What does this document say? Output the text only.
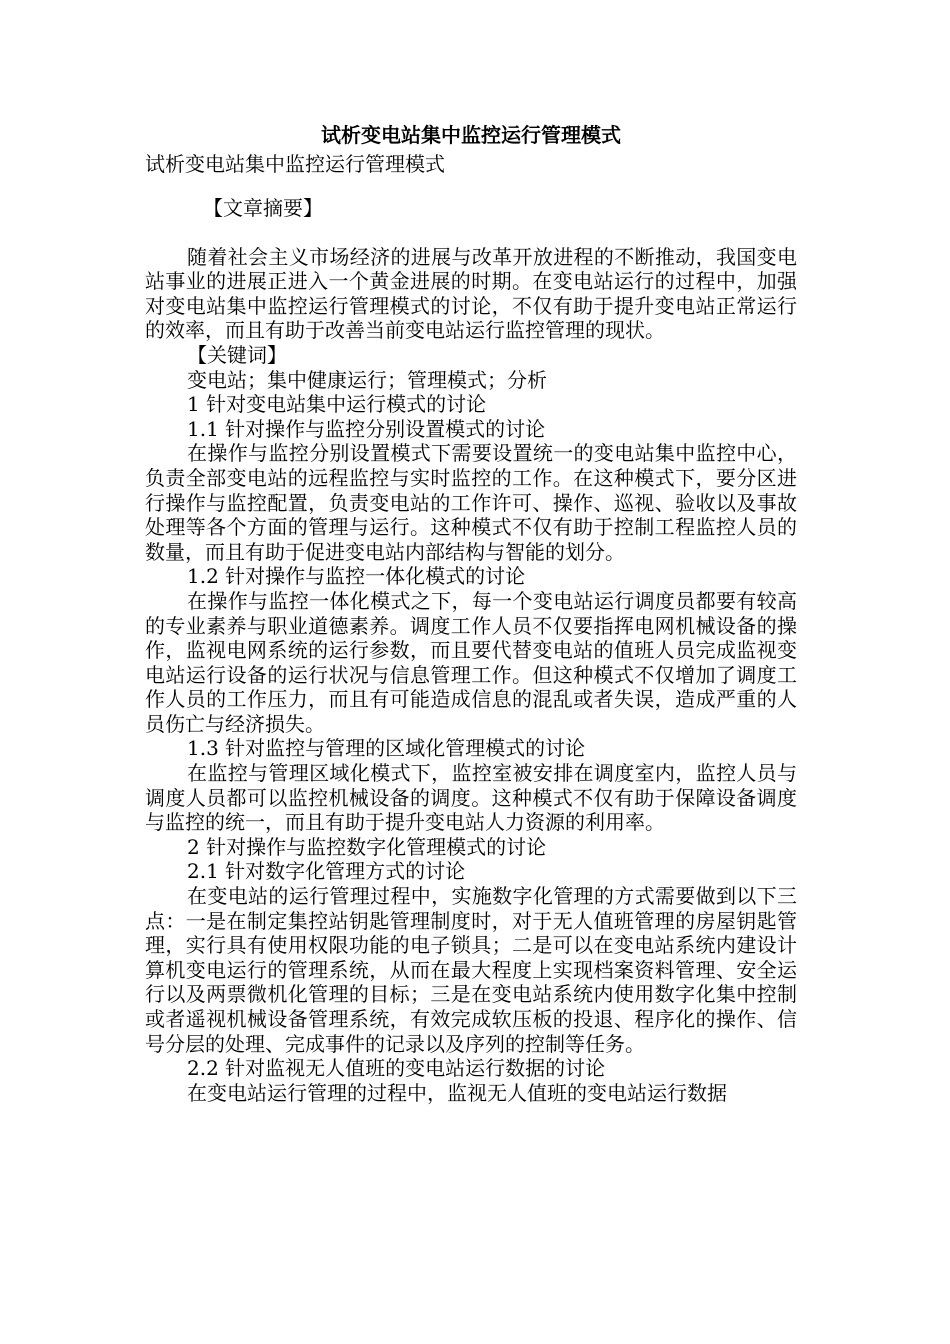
试析变电站集中监控运行管理模式
试析变电站集中监控运行管理模式

【文章摘要】

随着社会主义市场经济的进展与改革开放进程的不断推动，我国变电站事业的进展正进入一个黄金进展的时期。在变电站运行的过程中，加强对变电站集中监控运行管理模式的讨论，不仅有助于提升变电站正常运行的效率，而且有助于改善当前变电站运行监控管理的现状。

【关键词】

变电站；集中健康运行；管理模式；分析

1 针对变电站集中运行模式的讨论

1.1 针对操作与监控分别设置模式的讨论

在操作与监控分别设置模式下需要设置统一的变电站集中监控中心，负责全部变电站的远程监控与实时监控的工作。在这种模式下，要分区进行操作与监控配置，负责变电站的工作许可、操作、巡视、验收以及事故处理等各个方面的管理与运行。这种模式不仅有助于控制工程监控人员的数量，而且有助于促进变电站内部结构与智能的划分。

1.2 针对操作与监控一体化模式的讨论

在操作与监控一体化模式之下，每一个变电站运行调度员都要有较高的专业素养与职业道德素养。调度工作人员不仅要指挥电网机械设备的操作，监视电网系统的运行参数，而且要代替变电站的值班人员完成监视变电站运行设备的运行状况与信息管理工作。但这种模式不仅增加了调度工作人员的工作压力，而且有可能造成信息的混乱或者失误，造成严重的人员伤亡与经济损失。

1.3 针对监控与管理的区域化管理模式的讨论

在监控与管理区域化模式下，监控室被安排在调度室内，监控人员与调度人员都可以监控机械设备的调度。这种模式不仅有助于保障设备调度与监控的统一，而且有助于提升变电站人力资源的利用率。

2 针对操作与监控数字化管理模式的讨论

2.1 针对数字化管理方式的讨论

在变电站的运行管理过程中，实施数字化管理的方式需要做到以下三点：一是在制定集控站钥匙管理制度时，对于无人值班管理的房屋钥匙管理，实行具有使用权限功能的电子锁具；二是可以在变电站系统内建设计算机变电运行的管理系统，从而在最大程度上实现档案资料管理、安全运行以及两票微机化管理的目标；三是在变电站系统内使用数字化集中控制或者遥视机械设备管理系统，有效完成软压板的投退、程序化的操作、信号分层的处理、完成事件的记录以及序列的控制等任务。

2.2 针对监视无人值班的变电站运行数据的讨论

在变电站运行管理的过程中，监视无人值班的变电站运行数据
